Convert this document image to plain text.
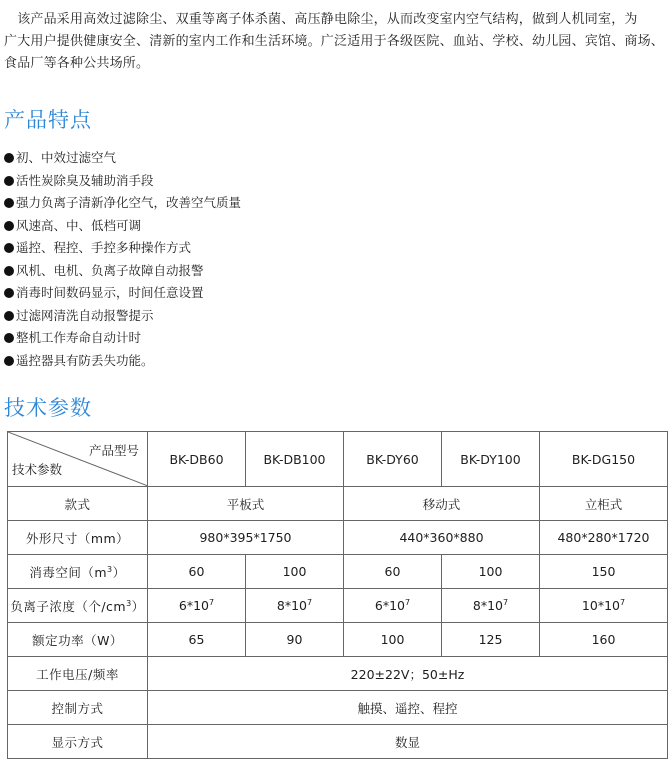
　该产品采用高效过滤除尘、双重等离子体杀菌、高压静电除尘，从而改变室内空气结构，做到人机同室，为

广大用户提供健康安全、清新的室内工作和生活环境。广泛适用于各级医院、血站、学校、幼儿园、宾馆、商场、

食品厂等各种公共场所。

产品特点
初、中效过滤空气
活性炭除臭及辅助消手段
强力负离子清新净化空气，改善空气质量
风速高、中、低档可调
遥控、程控、手控多种操作方式
风机、电机、负离子故障自动报警
消毒时间数码显示，时间任意设置
过滤网清洗自动报警提示
整机工作寿命自动计时
遥控器具有防丢失功能。
技术参数
产品型号
技术参数	BK-DB60	BK-DB100	BK-DY60	BK-DY100	BK-DG150
款式	平板式		移动式		立柜式
外形尺寸（mm）	980*395*1750		440*360*880		480*280*1720
消毒空间$(m^3)$	60	100	60	100	150
负离子浓度（个$/cm^3$）	$6*10^7$	$8*10^7$	$6*10^7$	$8*10^7$	$10*10^7$
额定功率（W）	65	90	100	125	160
工作电压/频率	220±22V；50±Hz				
控制方式	触摸、遥控、程控				
显示方式	数显				
